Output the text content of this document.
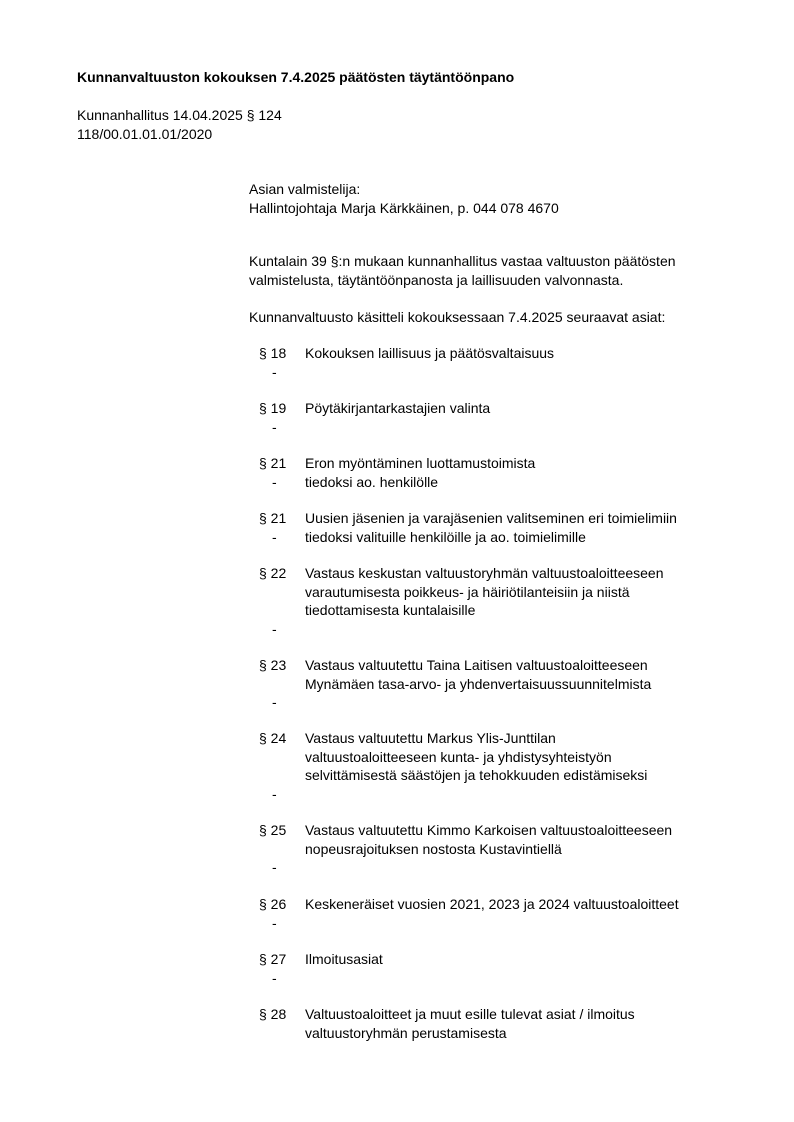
Kunnanvaltuuston kokouksen 7.4.2025 päätösten täytäntöönpano
Kunnanhallitus 14.04.2025 § 124
118/00.01.01.01/2020
Asian valmistelija:
Hallintojohtaja Marja Kärkkäinen, p. 044 078 4670
Kuntalain 39 §:n mukaan kunnanhallitus vastaa valtuuston päätösten
valmistelusta, täytäntöönpanosta ja laillisuuden valvonnasta.
Kunnanvaltuusto käsitteli kokouksessaan 7.4.2025 seuraavat asiat:
§ 18 Kokouksen laillisuus ja päätösvaltaisuus
-
§ 19 Pöytäkirjantarkastajien valinta
-
§ 21 Eron myöntäminen luottamustoimista
- tiedoksi ao. henkilölle
§ 21 Uusien jäsenien ja varajäsenien valitseminen eri toimielimiin
- tiedoksi valituille henkilöille ja ao. toimielimille
§ 22 Vastaus keskustan valtuustoryhmän valtuustoaloitteeseen
varautumisesta poikkeus- ja häiriötilanteisiin ja niistä
tiedottamisesta kuntalaisille
-
§ 23 Vastaus valtuutettu Taina Laitisen valtuustoaloitteeseen
Mynämäen tasa-arvo- ja yhdenvertaisuussuunnitelmista
-
§ 24 Vastaus valtuutettu Markus Ylis-Junttilan
valtuustoaloitteeseen kunta- ja yhdistysyhteistyön
selvittämisestä säästöjen ja tehokkuuden edistämiseksi
-
§ 25 Vastaus valtuutettu Kimmo Karkoisen valtuustoaloitteeseen
nopeusrajoituksen nostosta Kustavintiellä
-
§ 26 Keskeneräiset vuosien 2021, 2023 ja 2024 valtuustoaloitteet
-
§ 27 Ilmoitusasiat
-
§ 28 Valtuustoaloitteet ja muut esille tulevat asiat / ilmoitus
valtuustoryhmän perustamisesta
